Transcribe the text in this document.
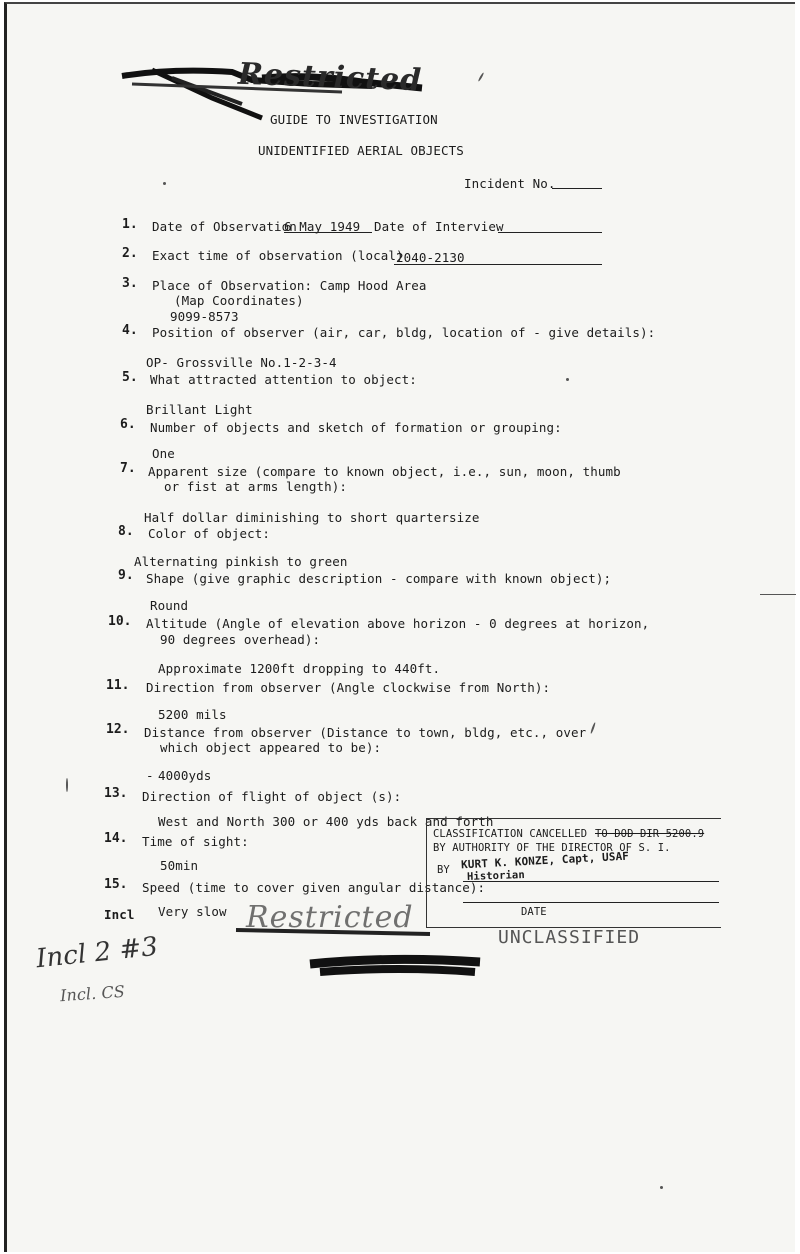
Restricted
GUIDE TO INVESTIGATION
UNIDENTIFIED AERIAL OBJECTS
Incident No.
1. Date of Observation
6 May 1949 Date of Interview
2. Exact time of observation (local)
2040-2130
3. Place of Observation: Camp Hood Area
(Map Coordinates)
9099-8573
4. Position of observer (air, car, bldg, location of - give details):
OP- Grossville No.1-2-3-4
5. What attracted attention to object:
Brillant Light
6. Number of objects and sketch of formation or grouping:
One
7. Apparent size (compare to known object, i.e., sun, moon, thumb
or fist at arms length):
Half dollar diminishing to short quartersize
8. Color of object:
Alternating pinkish to green
9. Shape (give graphic description - compare with known object);
Round
10. Altitude (Angle of elevation above horizon - 0 degrees at horizon,
90 degrees overhead):
Approximate 1200ft dropping to 440ft.
11. Direction from observer (Angle clockwise from North):
5200 mils
12. Distance from observer (Distance to town, bldg, etc., over
which object appeared to be):
4000yds
-
13. Direction of flight of object (s):
West and North 300 or 400 yds back and forth
14. Time of sight:
50min
15. Speed (time to cover given angular distance):
Very slow
Incl
CLASSIFICATION CANCELLED TO DOD DIR 5200.9
BY AUTHORITY OF THE DIRECTOR OF S. I.
BY KURT K. KONZE, Capt, USAF
Historian
DATE
Restricted
UNCLASSIFIED
Incl 2 #3
Incl. CS
